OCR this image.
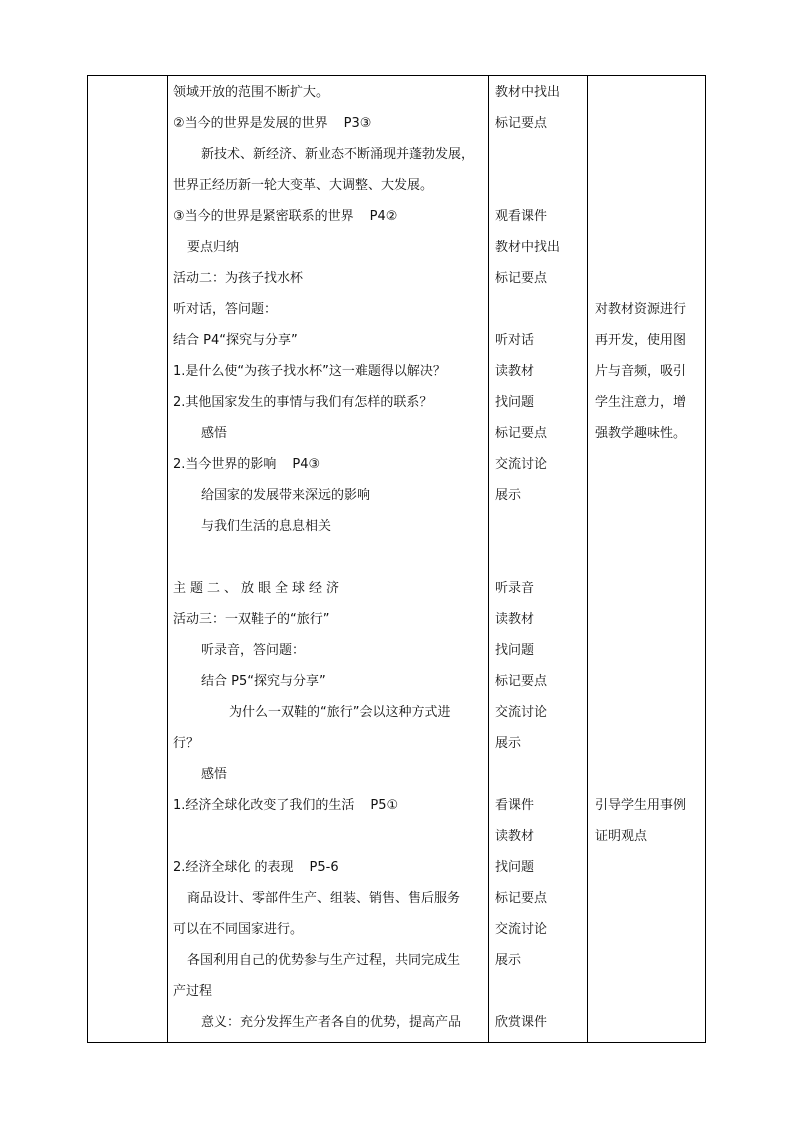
领域开放的范围不断扩大。
②当今的世界是发展的世界 P3③
新技术、新经济、新业态不断涌现并蓬勃发展，
世界正经历新一轮大变革、大调整、大发展。
③当今的世界是紧密联系的世界 P4②
要点归纳
活动二：为孩子找水杯
听对话，答问题：
结合 P4“探究与分享”
1.是什么使“为孩子找水杯”这一难题得以解决？
2.其他国家发生的事情与我们有怎样的联系？
感悟
2.当今世界的影响 P4③
给国家的发展带来深远的影响
与我们生活的息息相关
主题二、放眼全球经济
活动三：一双鞋子的“旅行”
听录音，答问题：
结合 P5“探究与分享”
为什么一双鞋的“旅行”会以这种方式进
行？
感悟
1.经济全球化改变了我们的生活 P5①
2.经济全球化 的表现 P5-6
商品设计、零部件生产、组装、销售、售后服务
可以在不同国家进行。
各国利用自己的优势参与生产过程，共同完成生
产过程
意义：充分发挥生产者各自的优势，提高产品
教材中找出
标记要点
观看课件
教材中找出
标记要点
听对话
读教材
找问题
标记要点
交流讨论
展示
听录音
读教材
找问题
标记要点
交流讨论
展示
看课件
读教材
找问题
标记要点
交流讨论
展示
欣赏课件
对教材资源进行
再开发，使用图
片与音频，吸引
学生注意力，增
强教学趣味性。
引导学生用事例
证明观点
